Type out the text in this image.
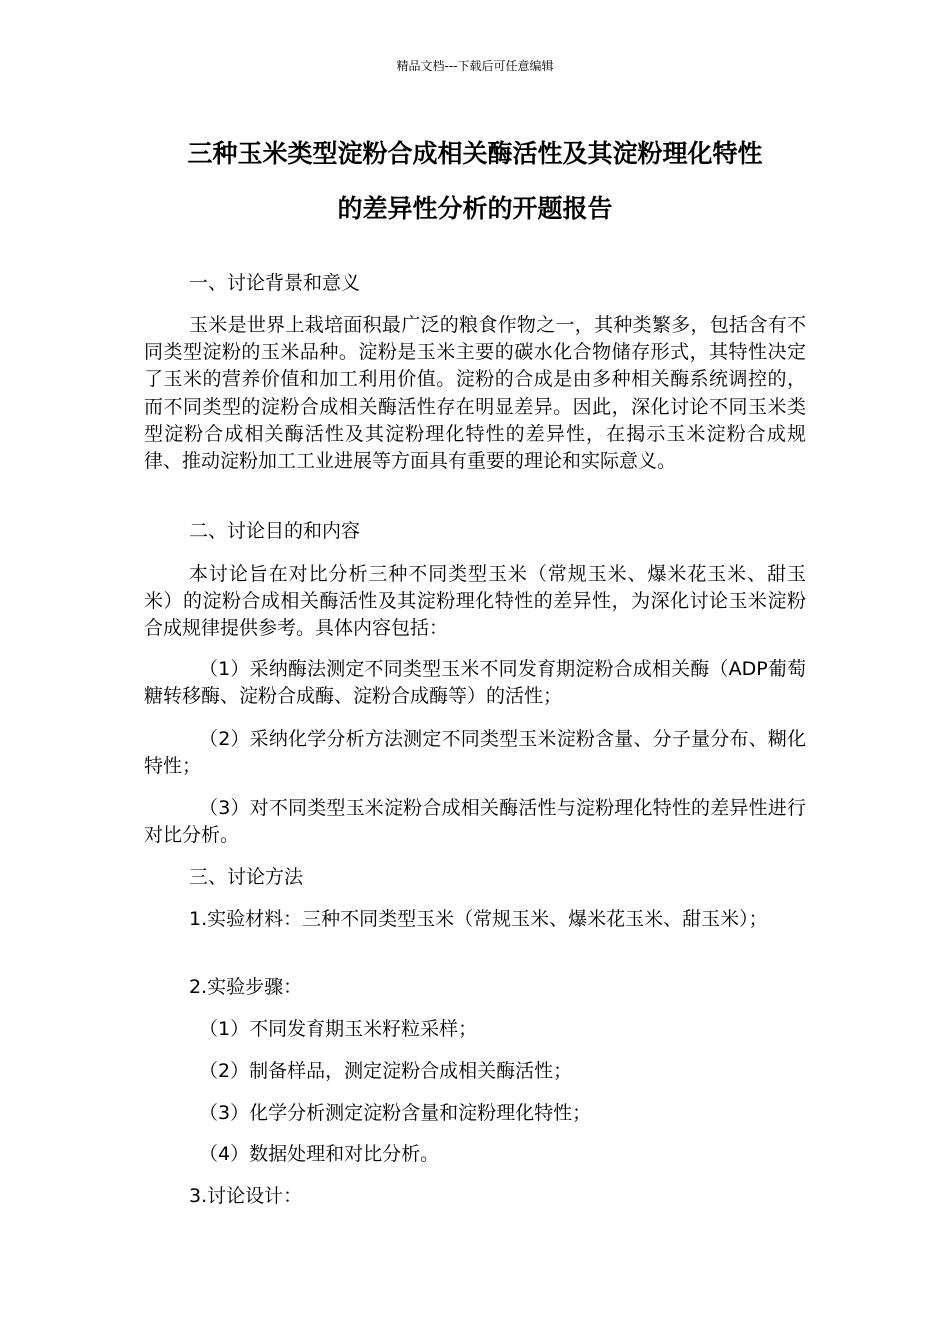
精品文档---下载后可任意编辑
三种玉米类型淀粉合成相关酶活性及其淀粉理化特性
的差异性分析的开题报告
一、讨论背景和意义
玉米是世界上栽培面积最广泛的粮食作物之一，其种类繁多，包括含有不同类型淀粉的玉米品种。淀粉是玉米主要的碳水化合物储存形式，其特性决定了玉米的营养价值和加工利用价值。淀粉的合成是由多种相关酶系统调控的，而不同类型的淀粉合成相关酶活性存在明显差异。因此，深化讨论不同玉米类型淀粉合成相关酶活性及其淀粉理化特性的差异性，在揭示玉米淀粉合成规律、推动淀粉加工工业进展等方面具有重要的理论和实际意义。
二、讨论目的和内容
本讨论旨在对比分析三种不同类型玉米（常规玉米、爆米花玉米、甜玉米）的淀粉合成相关酶活性及其淀粉理化特性的差异性，为深化讨论玉米淀粉合成规律提供参考。具体内容包括：
（1）采纳酶法测定不同类型玉米不同发育期淀粉合成相关酶（ADP葡萄糖转移酶、淀粉合成酶、淀粉合成酶等）的活性；
（2）采纳化学分析方法测定不同类型玉米淀粉含量、分子量分布、糊化特性；
（3）对不同类型玉米淀粉合成相关酶活性与淀粉理化特性的差异性进行对比分析。
三、讨论方法
1.实验材料：三种不同类型玉米（常规玉米、爆米花玉米、甜玉米）；
2.实验步骤：
（1）不同发育期玉米籽粒采样；
（2）制备样品，测定淀粉合成相关酶活性；
（3）化学分析测定淀粉含量和淀粉理化特性；
（4）数据处理和对比分析。
3.讨论设计：
